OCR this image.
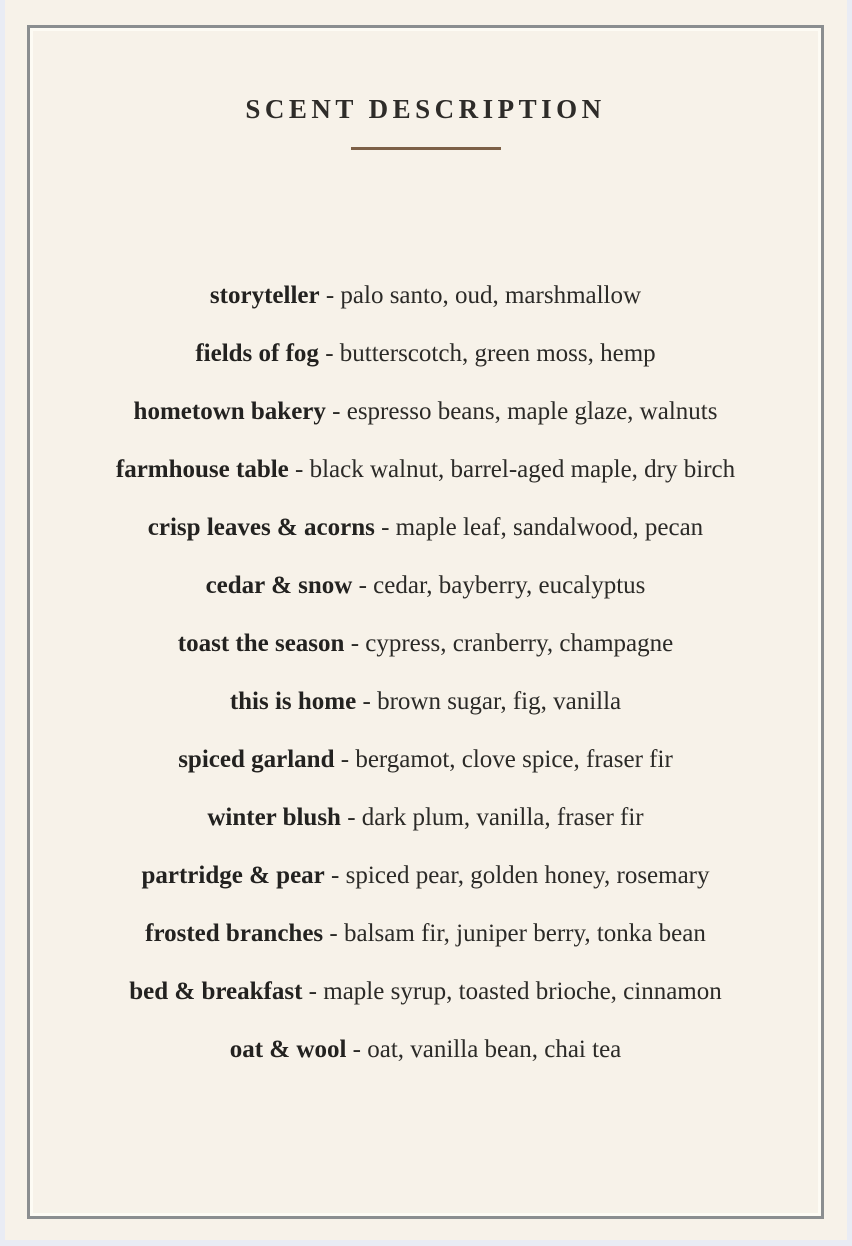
SCENT DESCRIPTION
storyteller - palo santo, oud, marshmallow
fields of fog - butterscotch, green moss, hemp
hometown bakery - espresso beans, maple glaze, walnuts
farmhouse table - black walnut, barrel-aged maple, dry birch
crisp leaves & acorns - maple leaf, sandalwood, pecan
cedar & snow - cedar, bayberry, eucalyptus
toast the season - cypress, cranberry, champagne
this is home - brown sugar, fig, vanilla
spiced garland - bergamot, clove spice, fraser fir
winter blush - dark plum, vanilla, fraser fir
partridge & pear - spiced pear, golden honey, rosemary
frosted branches - balsam fir, juniper berry, tonka bean
bed & breakfast - maple syrup, toasted brioche, cinnamon
oat & wool - oat, vanilla bean, chai tea
